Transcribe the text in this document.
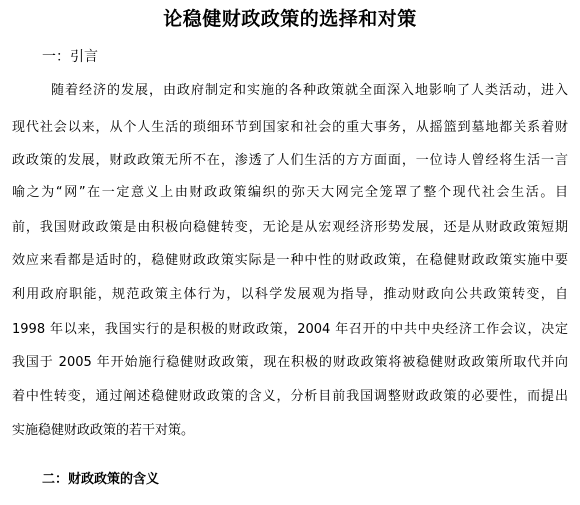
论稳健财政政策的选择和对策
一：引言
随着经济的发展，由政府制定和实施的各种政策就全面深入地影响了人类活动，进入
现代社会以来，从个人生活的琐细环节到国家和社会的重大事务，从摇篮到墓地都关系着财
政政策的发展，财政政策无所不在，渗透了人们生活的方方面面，一位诗人曾经将生活一言
喻之为“网”在一定意义上由财政政策编织的弥天大网完全笼罩了整个现代社会生活。目
前，我国财政政策是由积极向稳健转变，无论是从宏观经济形势发展，还是从财政政策短期
效应来看都是适时的，稳健财政政策实际是一种中性的财政政策，在稳健财政政策实施中要
利用政府职能，规范政策主体行为，以科学发展观为指导，推动财政向公共政策转变，自
1998 年以来，我国实行的是积极的财政政策，2004 年召开的中共中央经济工作会议，决定
我国于 2005 年开始施行稳健财政政策，现在积极的财政政策将被稳健财政政策所取代并向
着中性转变，通过阐述稳健财政政策的含义，分析目前我国调整财政政策的必要性，而提出
实施稳健财政政策的若干对策。
二：财政政策的含义
